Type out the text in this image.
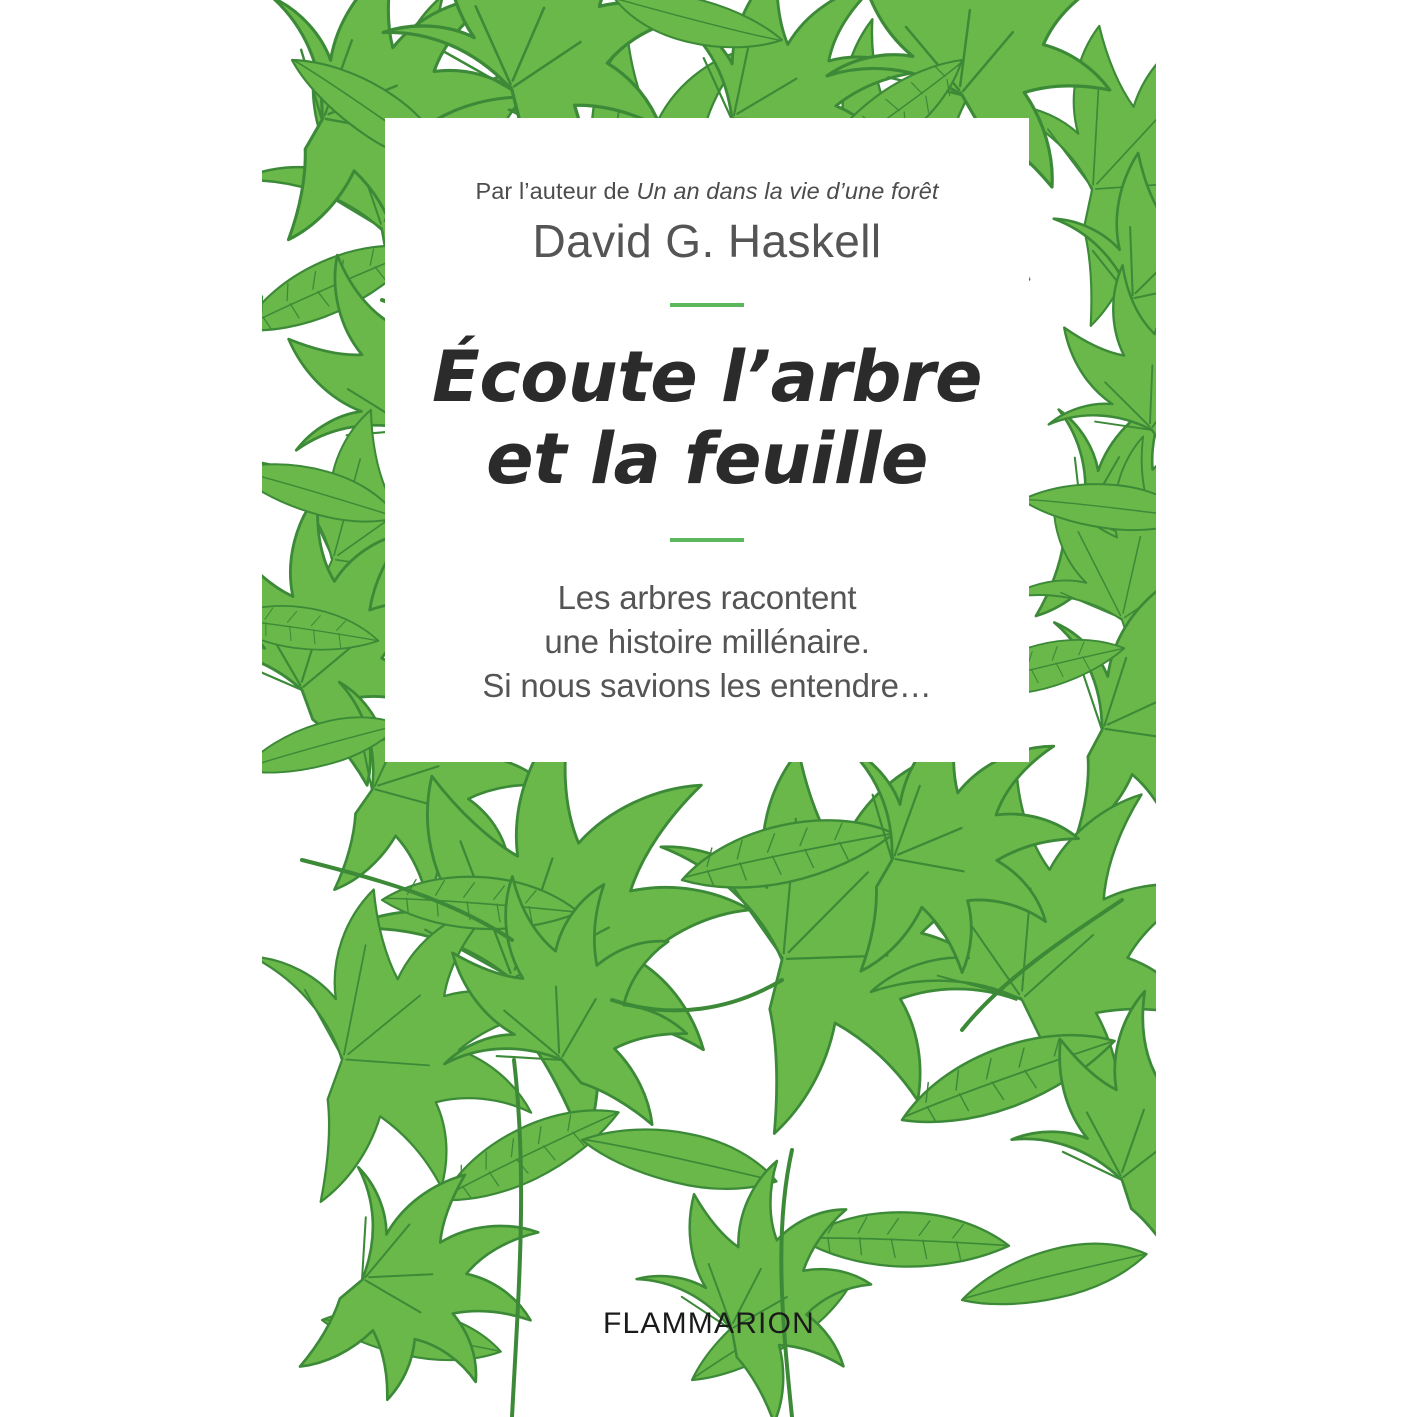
Par l’auteur de Un an dans la vie d’une forêt

David G. Haskell
Écoute l’arbre
et la feuille

Les arbres racontent
une histoire millénaire.
Si nous savions les entendre…

FLAMMARION
